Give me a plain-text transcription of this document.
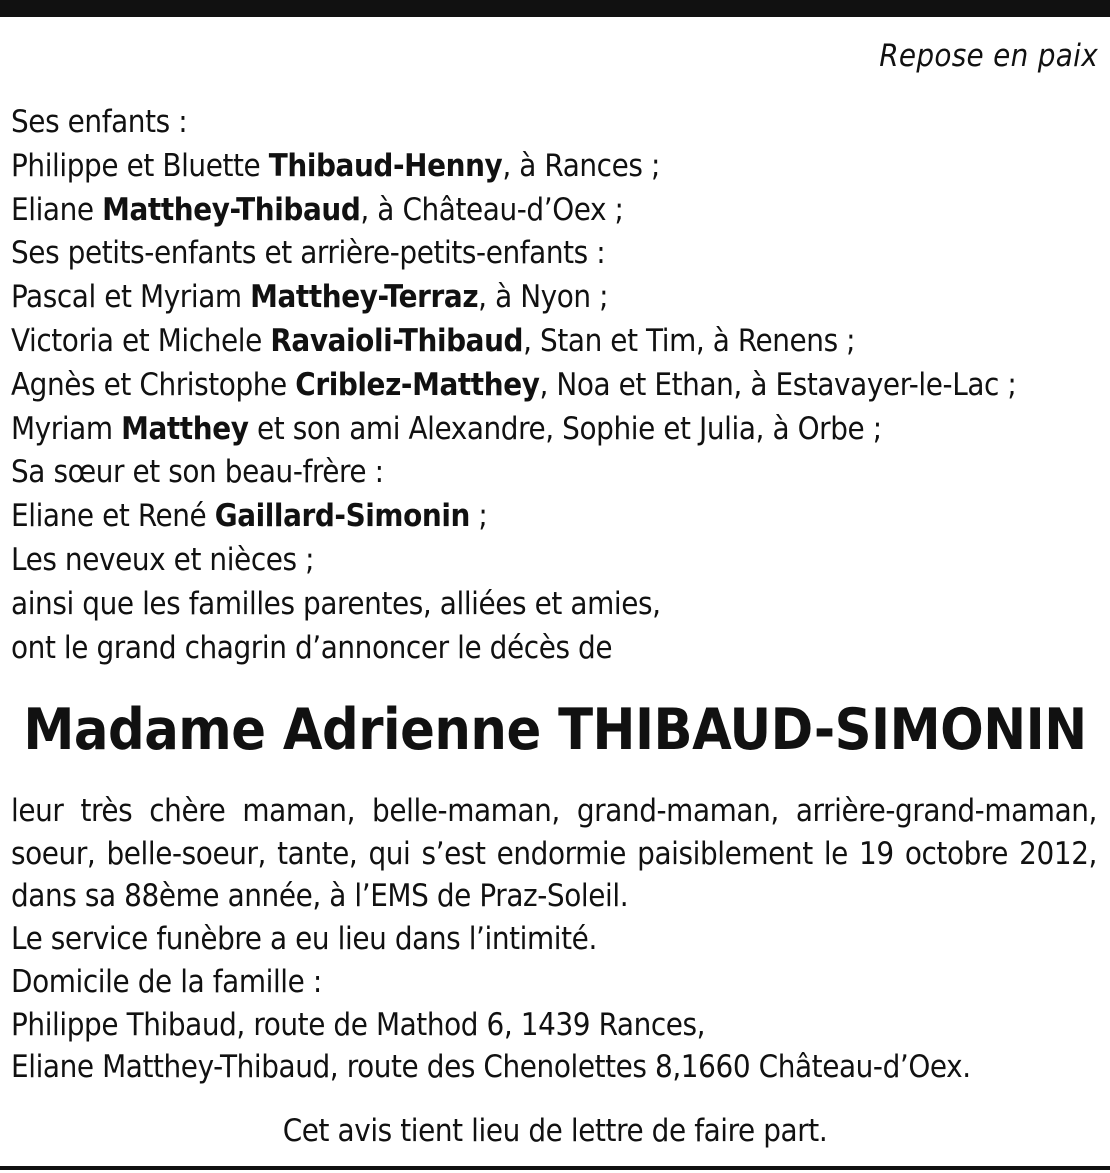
Repose en paix
Ses enfants :
Philippe et Bluette Thibaud-Henny, à Rances ;
Eliane Matthey-Thibaud, à Château-d’Oex ;
Ses petits-enfants et arrière-petits-enfants :
Pascal et Myriam Matthey-Terraz, à Nyon ;
Victoria et Michele Ravaioli-Thibaud, Stan et Tim, à Renens ;
Agnès et Christophe Criblez-Matthey, Noa et Ethan, à Estavayer-le-Lac ;
Myriam Matthey et son ami Alexandre, Sophie et Julia, à Orbe ;
Sa sœur et son beau-frère :
Eliane et René Gaillard-Simonin ;
Les neveux et nièces ;
ainsi que les familles parentes, alliées et amies,
ont le grand chagrin d’annoncer le décès de
Madame Adrienne THIBAUD-SIMONIN
leur très chère maman, belle-maman, grand-maman, arrière-grand-maman, soeur, belle-soeur, tante, qui s’est endormie paisiblement le 19 octobre 2012, dans sa 88ème année, à l’EMS de Praz-Soleil.
Le service funèbre a eu lieu dans l’intimité.
Domicile de la famille :
Philippe Thibaud, route de Mathod 6, 1439 Rances,
Eliane Matthey-Thibaud, route des Chenolettes 8,1660 Château-d’Oex.
Cet avis tient lieu de lettre de faire part.
